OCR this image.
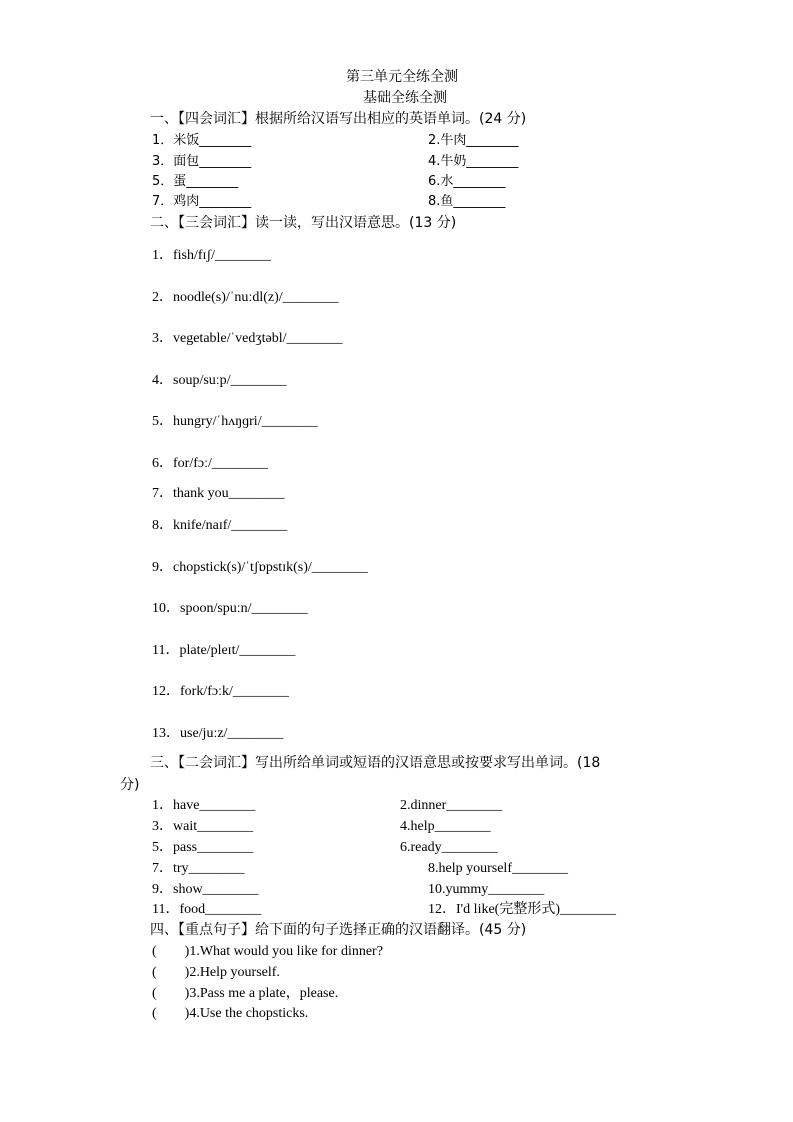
第三单元全练全测
基础全练全测
一、【四会词汇】根据所给汉语写出相应的英语单词。(24 分)
1．米饭________	2.牛肉________
3．面包________	4.牛奶________
5．蛋________	6.水________
7．鸡肉________	8.鱼________
二、【三会词汇】读一读，写出汉语意思。(13 分)
1．fish/fɪʃ/________
2．noodle(s)/ˈnuːdl(z)/________
3．vegetable/ˈvedʒtəbl/________
4．soup/suːp/________
5．hungry/ˈhʌŋɡri/________
6．for/fɔː/________
7．thank you________
8．knife/naɪf/________
9．chopstick(s)/ˈtʃɒpstɪk(s)/________
10．spoon/spuːn/________
11．plate/pleɪt/________
12．fork/fɔːk/________
13．use/juːz/________
三、【二会词汇】写出所给单词或短语的汉语意思或按要求写出单词。(18
分)
1．have________	2.dinner________
3．wait________	4.help________
5．pass________	6.ready________
7．try________	8.help yourself________
9．show________	10.yummy________
11．food________	12．I'd like(完整形式)________
四、【重点句子】给下面的句子选择正确的汉语翻译。(45 分)
(　　)1.What would you like for dinner?
(　　)2.Help yourself.
(　　)3.Pass me a plate，please.
(　　)4.Use the chopsticks.
